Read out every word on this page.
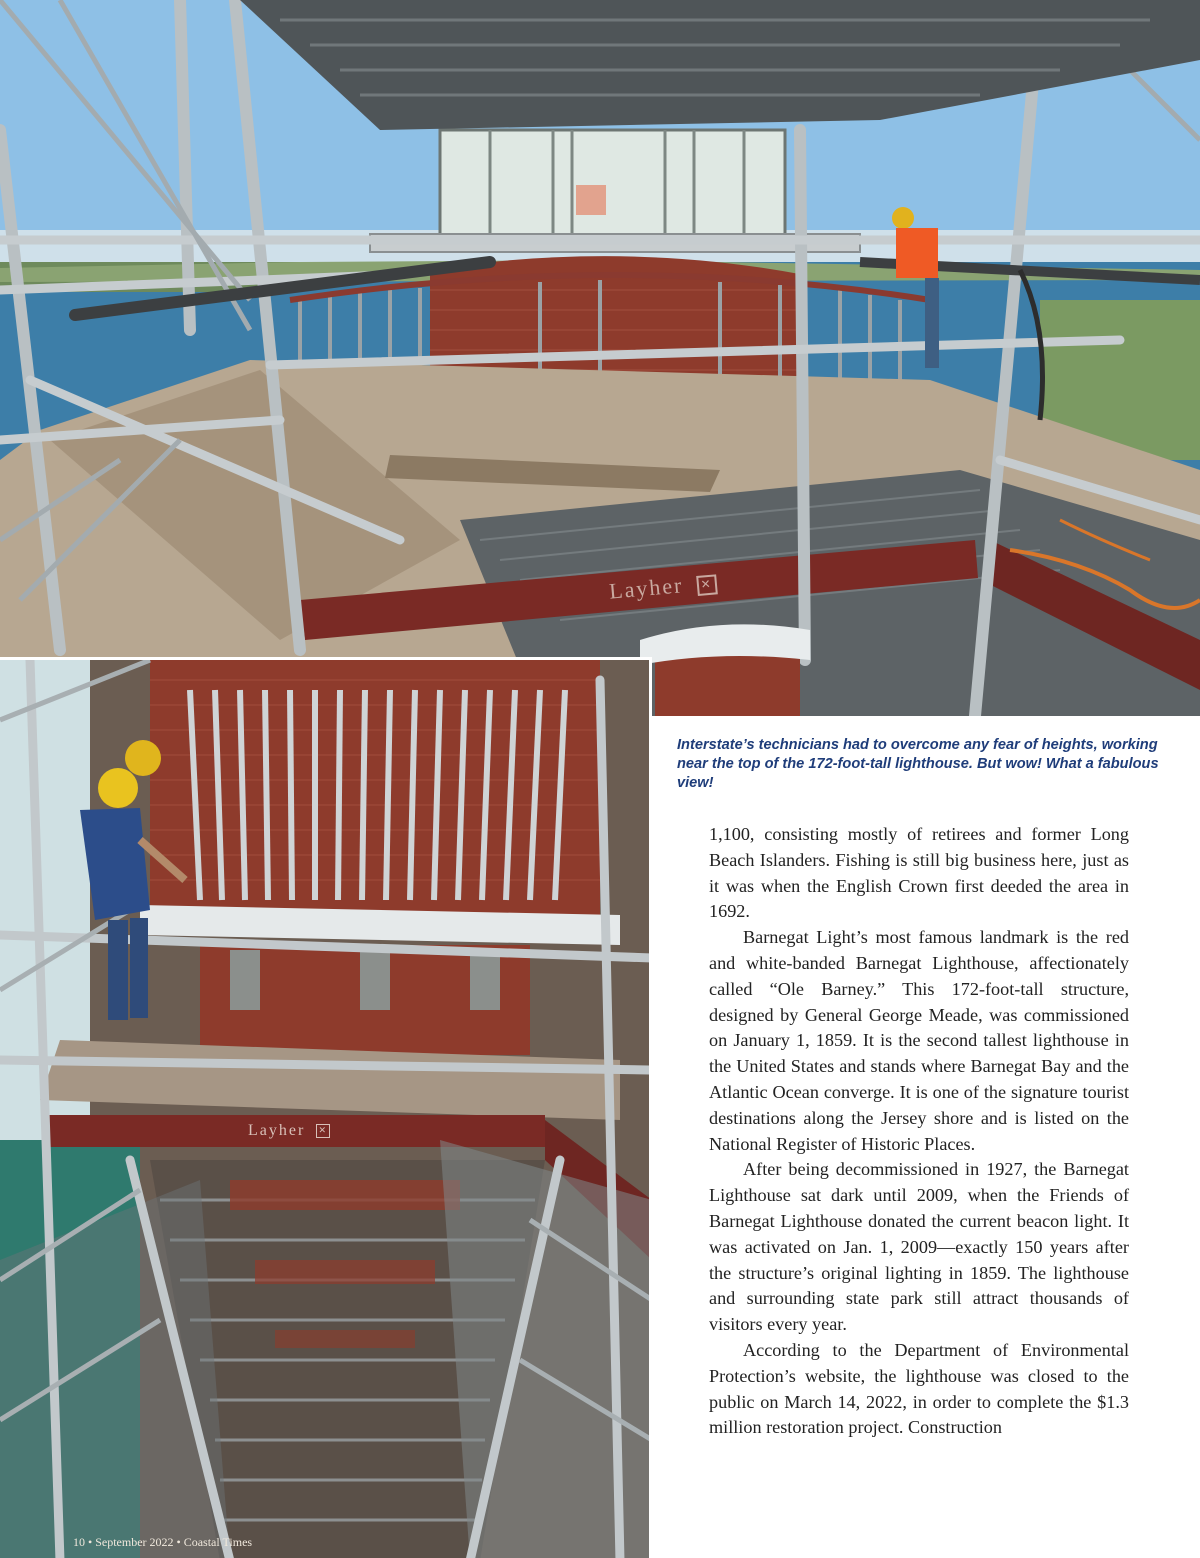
Layher ✕
Layher ✕

Interstate’s technicians had to overcome any fear of heights, working near the top of the 172-foot-tall lighthouse. But wow! What a fabulous view!

1,100, consisting mostly of retirees and former Long Beach Islanders. Fishing is still big business here, just as it was when the English Crown first deeded the area in 1692.

Barnegat Light’s most famous landmark is the red and white-banded Barnegat Lighthouse, affectionately called “Ole Barney.” This 172-foot-tall structure, designed by General George Meade, was commissioned on January 1, 1859. It is the second tallest lighthouse in the United States and stands where Barnegat Bay and the Atlantic Ocean converge. It is one of the signature tourist destinations along the Jersey shore and is listed on the National Register of Historic Places.

After being decommissioned in 1927, the Barnegat Lighthouse sat dark until 2009, when the Friends of Barnegat Lighthouse donated the current beacon light. It was activated on Jan. 1, 2009—exactly 150 years after the structure’s original lighting in 1859. The lighthouse and surrounding state park still attract thousands of visitors every year.

According to the Department of Environmental Protection’s website, the lighthouse was closed to the public on March 14, 2022, in order to complete the $1.3 million restoration project. Construction

10 • September 2022 • Coastal Times
